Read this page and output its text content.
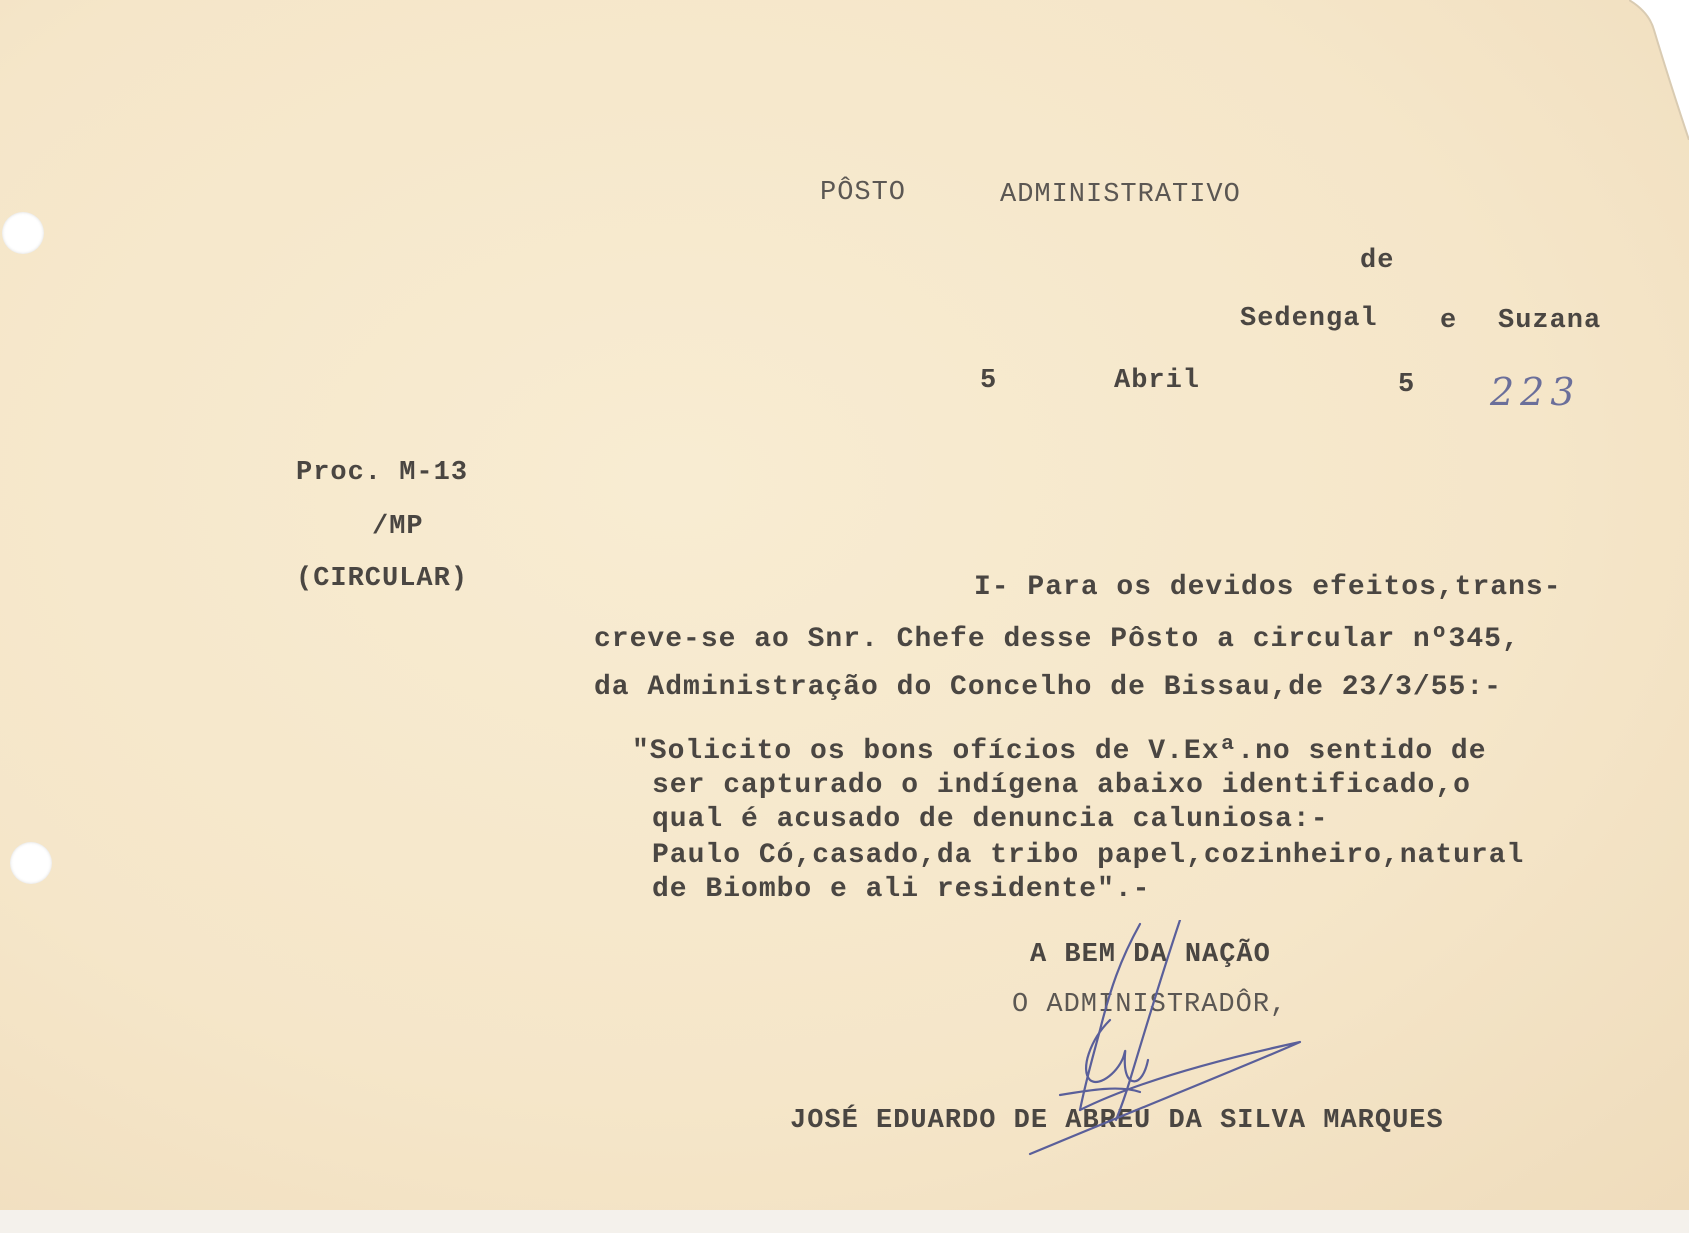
PÔSTO	ADMINISTRATIVO
de
Sedengal e Suzana
5	Abril	5 223
Proc. M-13
/MP
(CIRCULAR)	I- Para os devidos efeitos,trans-
creve-se ao Snr. Chefe desse Pôsto a circular nº345,
da Administração do Concelho de Bissau,de 23/3/55:-
"Solicito os bons ofícios de V.Exª.no sentido de
ser capturado o indígena abaixo identificado,o
qual é acusado de denuncia caluniosa:-
Paulo Có,casado,da tribo papel,cozinheiro,natural
de Biombo e ali residente".-
A BEM DA NAÇÃO
O ADMINISTRADÔR,
JOSÉ EDUARDO DE ABREU DA SILVA MARQUES
